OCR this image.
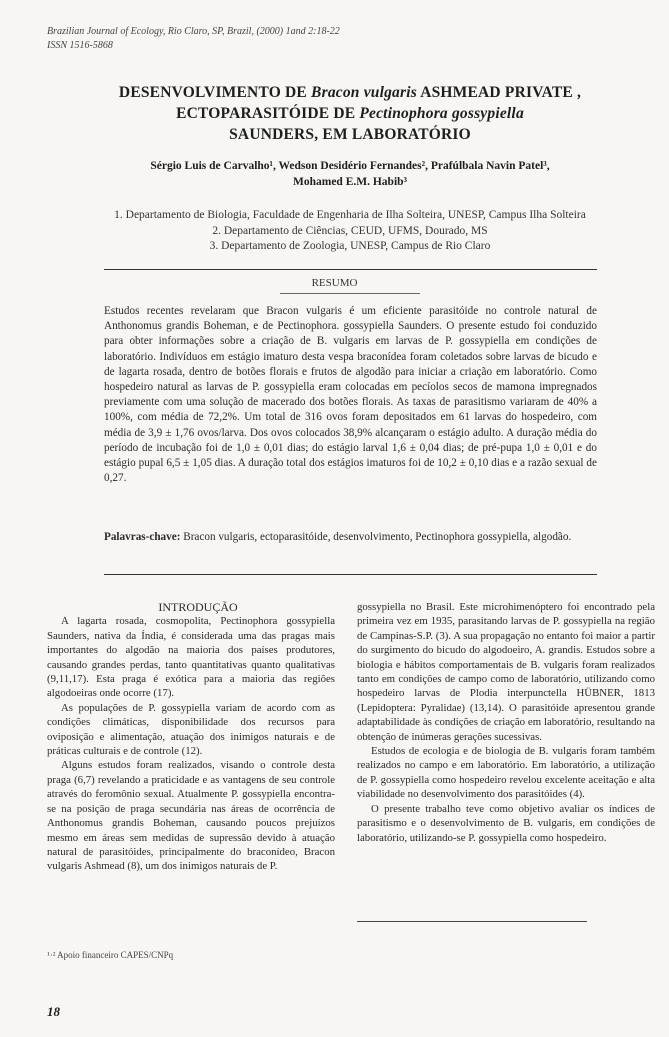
Brazilian Journal of Ecology, Rio Claro, SP, Brazil, (2000) 1and 2:18-22
ISSN 1516-5868
DESENVOLVIMENTO DE Bracon vulgaris ASHMEAD PRIVATE ,
ECTOPARASITÓIDE DE Pectinophora gossypiella
SAUNDERS, EM LABORATÓRIO
Sérgio Luis de Carvalho¹, Wedson Desidério Fernandes², Prafúlbala Navin Patel³,
Mohamed E.M. Habib³
1. Departamento de Biologia, Faculdade de Engenharia de Ilha Solteira, UNESP, Campus Ilha Solteira
2. Departamento de Ciências, CEUD, UFMS, Dourado, MS
3. Departamento de Zoologia, UNESP, Campus de Rio Claro
RESUMO
Estudos recentes revelaram que Bracon vulgaris é um eficiente parasitóide no controle natural de Anthonomus grandis Boheman, e de Pectinophora. gossypiella Saunders. O presente estudo foi conduzido para obter informações sobre a criação de B. vulgaris em larvas de P. gossypiella em condições de laboratório. Indivíduos em estágio imaturo desta vespa braconídea foram coletados sobre larvas de bicudo e de lagarta rosada, dentro de botões florais e frutos de algodão para iniciar a criação em laboratório. Como hospedeiro natural as larvas de P. gossypiella eram colocadas em pecíolos secos de mamona impregnados previamente com uma solução de macerado dos botões florais. As taxas de parasitismo variaram de 40% a 100%, com média de 72,2%. Um total de 316 ovos foram depositados em 61 larvas do hospedeiro, com média de 3,9 ± 1,76 ovos/larva. Dos ovos colocados 38,9% alcançaram o estágio adulto. A duração média do período de incubação foi de 1,0 ± 0,01 dias; do estágio larval 1,6 ± 0,04 dias; de pré-pupa 1,0 ± 0,01 e do estágio pupal 6,5 ± 1,05 dias. A duração total dos estágios imaturos foi de 10,2 ± 0,10 dias e a razão sexual de 0,27.
Palavras-chave: Bracon vulgaris, ectoparasitóide, desenvolvimento, Pectinophora gossypiella, algodão.

INTRODUÇÃO

A lagarta rosada, cosmopolita, Pectinophora gossypiella Saunders, nativa da Índia, é considerada uma das pragas mais importantes do algodão na maioria dos países produtores, causando grandes perdas, tanto quantitativas quanto qualitativas (9,11,17). Esta praga é exótica para a maioria das regiões algodoeiras onde ocorre (17).

As populações de P. gossypiella variam de acordo com as condições climáticas, disponibilidade dos recursos para oviposição e alimentação, atuação dos inimigos naturais e de práticas culturais e de controle (12).

Alguns estudos foram realizados, visando o controle desta praga (6,7) revelando a praticidade e as vantagens de seu controle através do feromônio sexual. Atualmente P. gossypiella encontra-se na posição de praga secundária nas áreas de ocorrência de Anthonomus grandis Boheman, causando poucos prejuízos mesmo em áreas sem medidas de supressão devido à atuação natural de parasitóides, principalmente do braconídeo, Bracon vulgaris Ashmead (8), um dos inimigos naturais de P.

gossypiella no Brasil. Este microhimenóptero foi encontrado pela primeira vez em 1935, parasitando larvas de P. gossypiella na região de Campinas-S.P. (3). A sua propagação no entanto foi maior a partir do surgimento do bicudo do algodoeiro, A. grandis. Estudos sobre a biologia e hábitos comportamentais de B. vulgaris foram realizados tanto em condições de campo como de laboratório, utilizando como hospedeiro larvas de Plodia interpunctella HÜBNER, 1813 (Lepidoptera: Pyralidae) (13,14). O parasitóide apresentou grande adaptabilidade às condições de criação em laboratório, resultando na obtenção de inúmeras gerações sucessivas.

Estudos de ecologia e de biologia de B. vulgaris foram também realizados no campo e em laboratório. Em laboratório, a utilização de P. gossypiella como hospedeiro revelou excelente aceitação e alta viabilidade no desenvolvimento dos parasitóides (4).

O presente trabalho teve como objetivo avaliar os índices de parasitismo e o desenvolvimento de B. vulgaris, em condições de laboratório, utilizando-se P. gossypiella como hospedeiro.

¹·² Apoio financeiro CAPES/CNPq
18
